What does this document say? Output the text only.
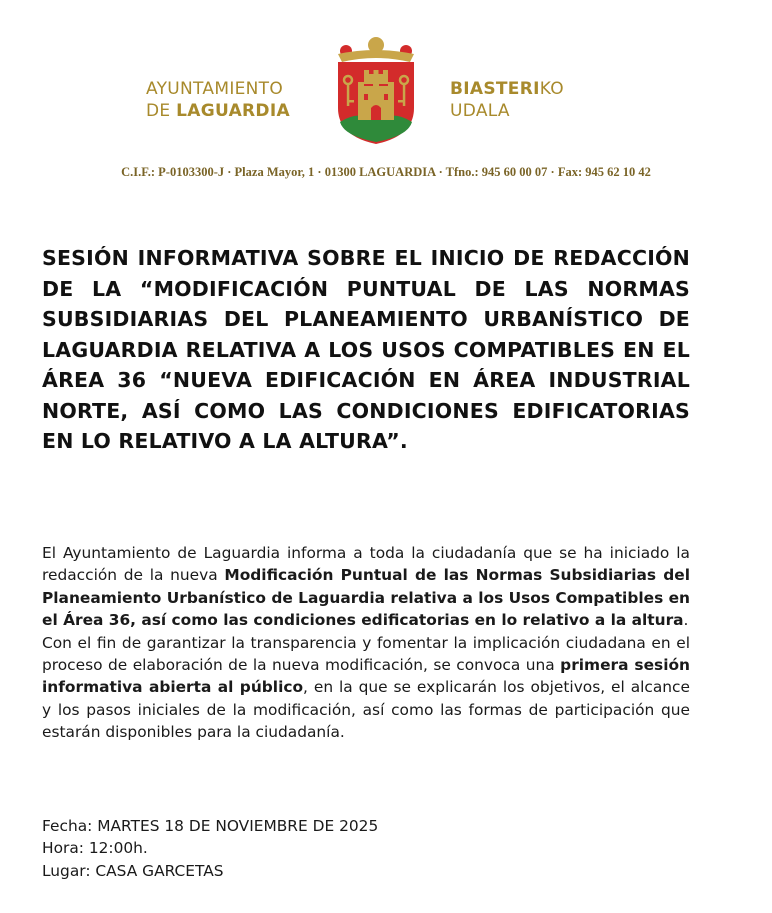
AYUNTAMIENTO
DE LAGUARDIA
BIASTERIKO
UDALA
C.I.F.: P-0103300-J · Plaza Mayor, 1 · 01300 LAGUARDIA · Tfno.: 945 60 00 07 · Fax: 945 62 10 42
SESIÓN INFORMATIVA SOBRE EL INICIO DE REDACCIÓN DE LA “MODIFICACIÓN PUNTUAL DE LAS NORMAS SUBSIDIARIAS DEL PLANEAMIENTO URBANÍSTICO DE LAGUARDIA RELATIVA A LOS USOS COMPATIBLES EN EL ÁREA 36 “NUEVA EDIFICACIÓN EN ÁREA INDUSTRIAL NORTE, ASÍ COMO LAS CONDICIONES EDIFICATORIAS EN LO RELATIVO A LA ALTURA”.

El Ayuntamiento de Laguardia informa a toda la ciudadanía que se ha iniciado la redacción de la nueva Modificación Puntual de las Normas Subsidiarias del Planeamiento Urbanístico de Laguardia relativa a los Usos Compatibles en el Área 36, así como las condiciones edificatorias en lo relativo a la altura.

Con el fin de garantizar la transparencia y fomentar la implicación ciudadana en el proceso de elaboración de la nueva modificación, se convoca una primera sesión informativa abierta al público, en la que se explicarán los objetivos, el alcance y los pasos iniciales de la modificación, así como las formas de participación que estarán disponibles para la ciudadanía.

Fecha: MARTES 18 DE NOVIEMBRE DE 2025
Hora: 12:00h.
Lugar: CASA GARCETAS
